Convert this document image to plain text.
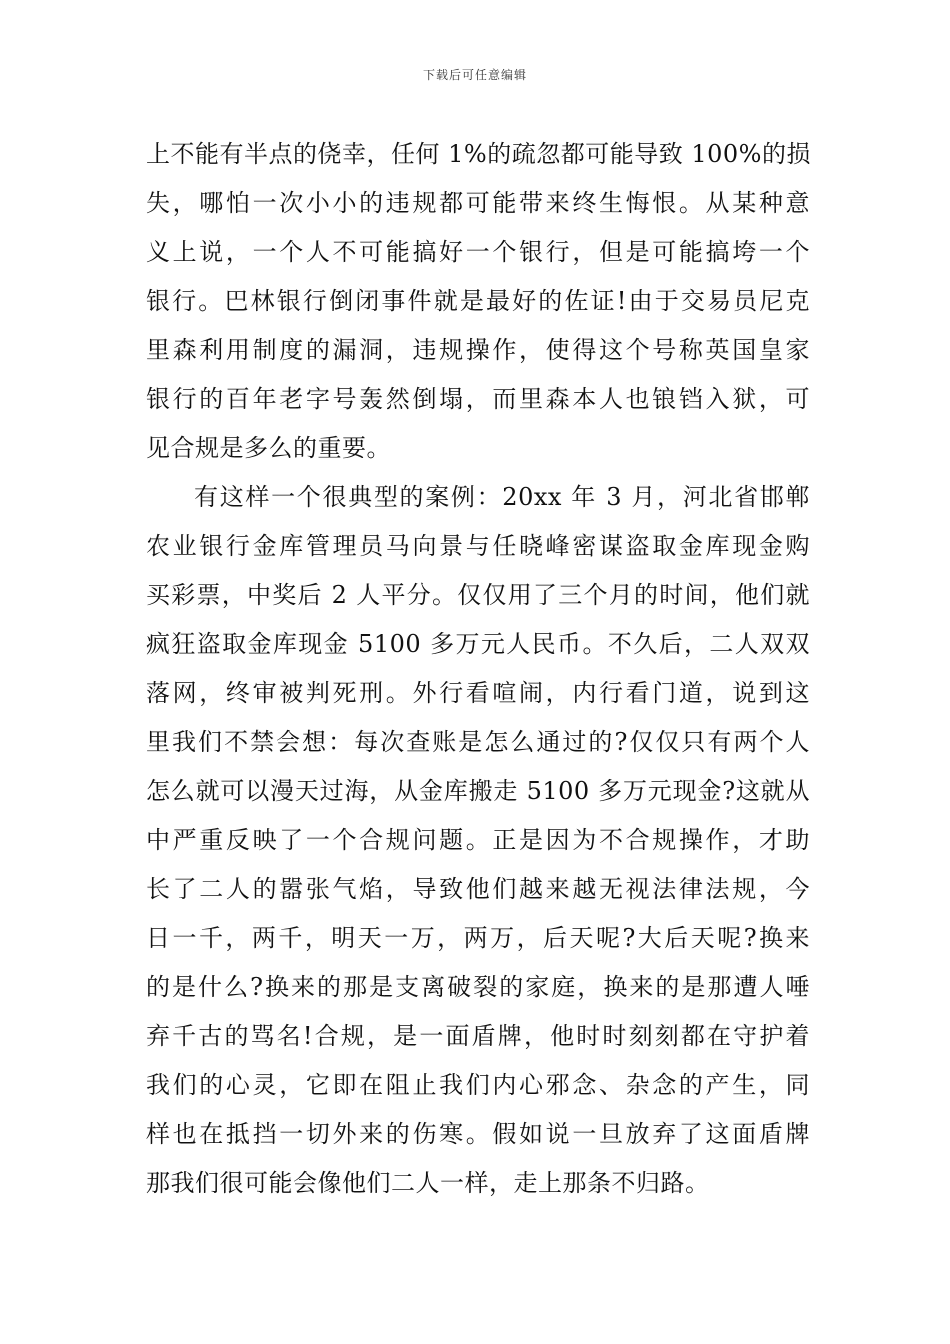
下载后可任意编辑
上不能有半点的侥幸，任何 1%的疏忽都可能导致 100%的损
失，哪怕一次小小的违规都可能带来终生悔恨。从某种意
义上说，一个人不可能搞好一个银行，但是可能搞垮一个
银行。巴林银行倒闭事件就是最好的佐证!由于交易员尼克
里森利用制度的漏洞，违规操作，使得这个号称英国皇家
银行的百年老字号轰然倒塌，而里森本人也锒铛入狱，可
见合规是多么的重要。
有这样一个很典型的案例：20xx 年 3 月，河北省邯郸
农业银行金库管理员马向景与任晓峰密谋盗取金库现金购
买彩票，中奖后 2 人平分。仅仅用了三个月的时间，他们就
疯狂盗取金库现金 5100 多万元人民币。不久后，二人双双
落网，终审被判死刑。外行看喧闹，内行看门道，说到这
里我们不禁会想：每次查账是怎么通过的?仅仅只有两个人
怎么就可以漫天过海，从金库搬走 5100 多万元现金?这就从
中严重反映了一个合规问题。正是因为不合规操作，才助
长了二人的嚣张气焰，导致他们越来越无视法律法规，今
日一千，两千，明天一万，两万，后天呢?大后天呢?换来
的是什么?换来的那是支离破裂的家庭，换来的是那遭人唾
弃千古的骂名!合规，是一面盾牌，他时时刻刻都在守护着
我们的心灵，它即在阻止我们内心邪念、杂念的产生，同
样也在抵挡一切外来的伤寒。假如说一旦放弃了这面盾牌
那我们很可能会像他们二人一样，走上那条不归路。
